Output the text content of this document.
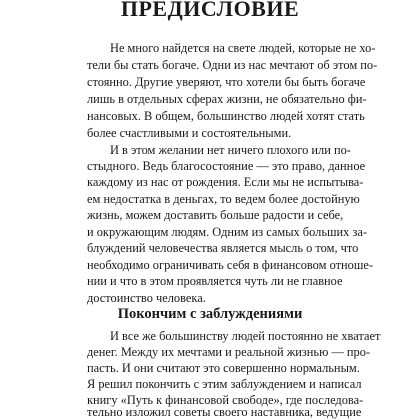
ПРЕДИСЛОВИЕ

Не много найдется на свете людей, которые не хо-

тели бы стать богаче. Одни из нас мечтают об этом по-

стоянно. Другие уверяют, что хотели бы быть богаче

лишь в отдельных сферах жизни, не обязательно фи-

нансовых. В общем, большинство людей хотят стать

более счастливыми и состоятельными.

И в этом желании нет ничего плохого или по-

стыдного. Ведь благосостояние — это право, данное

каждому из нас от рождения. Если мы не испытыва-

ем недостатка в деньгах, то ведем более достойную

жизнь, можем доставить больше радости и себе,

и окружающим людям. Одним из самых больших за-

блуждений человечества является мысль о том, что

необходимо ограничивать себя в финансовом отноше-

нии и что в этом проявляется чуть ли не главное

достоинство человека.

Покончим с заблуждениями

И все же большинству людей постоянно не хватает

денег. Между их мечтами и реальной жизнью — про-

пасть. И они считают это совершенно нормальным.

Я решил покончить с этим заблуждением и написал

книгу «Путь к финансовой свободе», где последова-

тельно изложил советы своего наставника, ведущие
